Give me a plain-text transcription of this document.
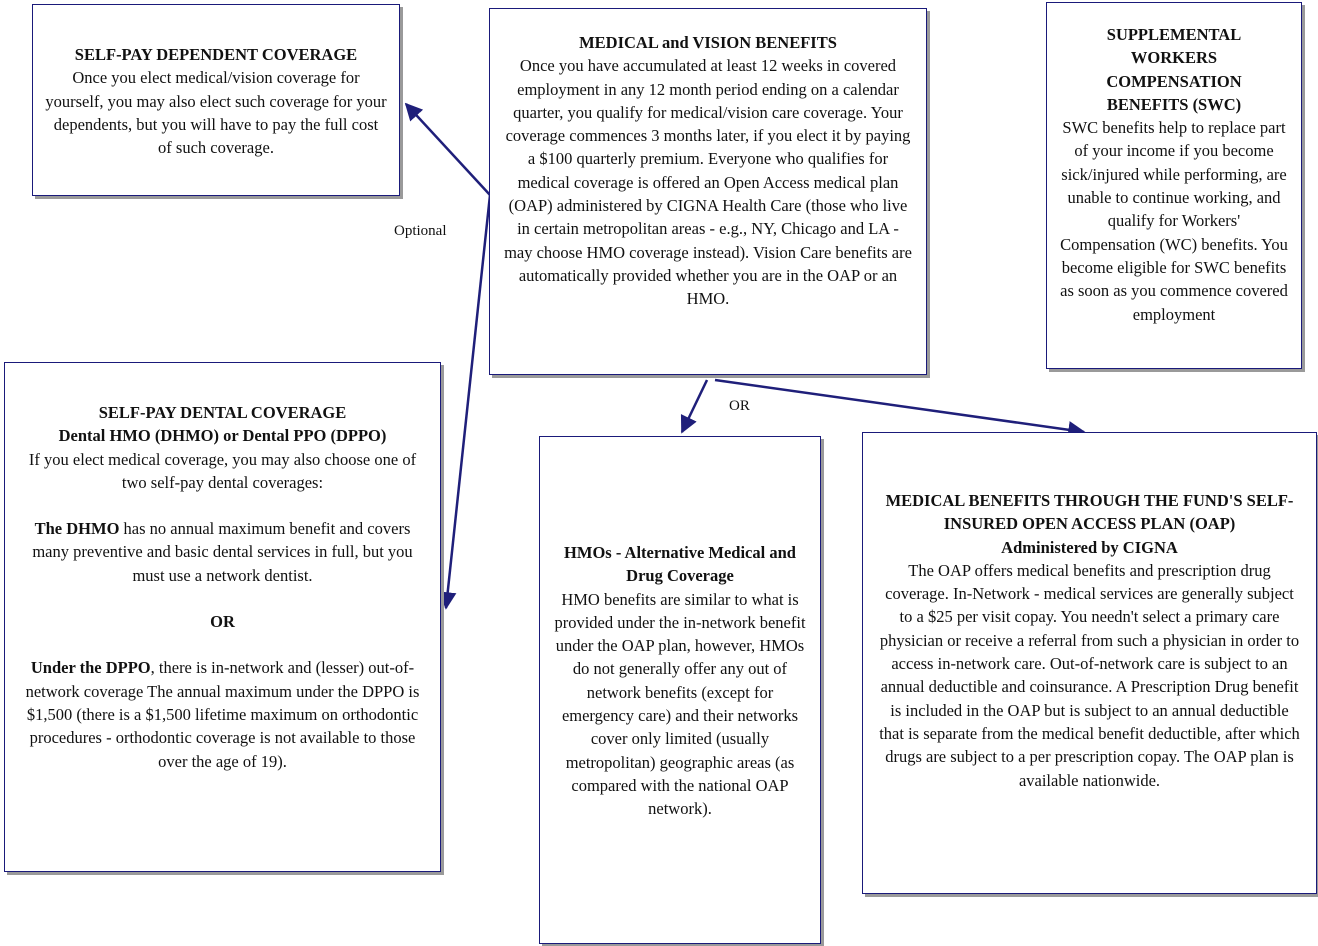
Optional
OR
SELF-PAY DEPENDENT COVERAGE

Once you elect medical/vision coverage for yourself, you may also elect such coverage for your dependents, but you will have to pay the full cost of such coverage.

MEDICAL and VISION BENEFITS

Once you have accumulated at least 12 weeks in covered employment in any 12 month period ending on a calendar quarter, you qualify for medical/vision care coverage. Your coverage commences 3 months later, if you elect it by paying a $100 quarterly premium. Everyone who qualifies for medical coverage is offered an Open Access medical plan (OAP) administered by CIGNA Health Care (those who live in certain metropolitan areas - e.g., NY, Chicago and LA - may choose HMO coverage instead). Vision Care benefits are automatically provided whether you are in the OAP or an HMO.

SUPPLEMENTAL WORKERS COMPENSATION BENEFITS (SWC)

SWC benefits help to replace part of your income if you become sick/injured while performing, are unable to continue working, and qualify for Workers' Compensation (WC) benefits. You become eligible for SWC benefits as soon as you commence covered employment

SELF-PAY DENTAL COVERAGE
Dental HMO (DHMO) or Dental PPO (DPPO)

If you elect medical coverage, you may also choose one of two self-pay dental coverages:

The DHMO has no annual maximum benefit and covers many preventive and basic dental services in full, but you must use a network dentist.

OR

Under the DPPO, there is in-network and (lesser) out-of-network coverage The annual maximum under the DPPO is $1,500 (there is a $1,500 lifetime maximum on orthodontic procedures - orthodontic coverage is not available to those over the age of 19).

HMOs - Alternative Medical and Drug Coverage

HMO benefits are similar to what is provided under the in-network benefit under the OAP plan, however, HMOs do not generally offer any out of network benefits (except for emergency care) and their networks cover only limited (usually metropolitan) geographic areas (as compared with the national OAP network).

MEDICAL BENEFITS THROUGH THE FUND'S SELF-INSURED OPEN ACCESS PLAN (OAP)
Administered by CIGNA

The OAP offers medical benefits and prescription drug coverage. In-Network - medical services are generally subject to a $25 per visit copay. You needn't select a primary care physician or receive a referral from such a physician in order to access in-network care. Out-of-network care is subject to an annual deductible and coinsurance. A Prescription Drug benefit is included in the OAP but is subject to an annual deductible that is separate from the medical benefit deductible, after which drugs are subject to a per prescription copay. The OAP plan is available nationwide.
